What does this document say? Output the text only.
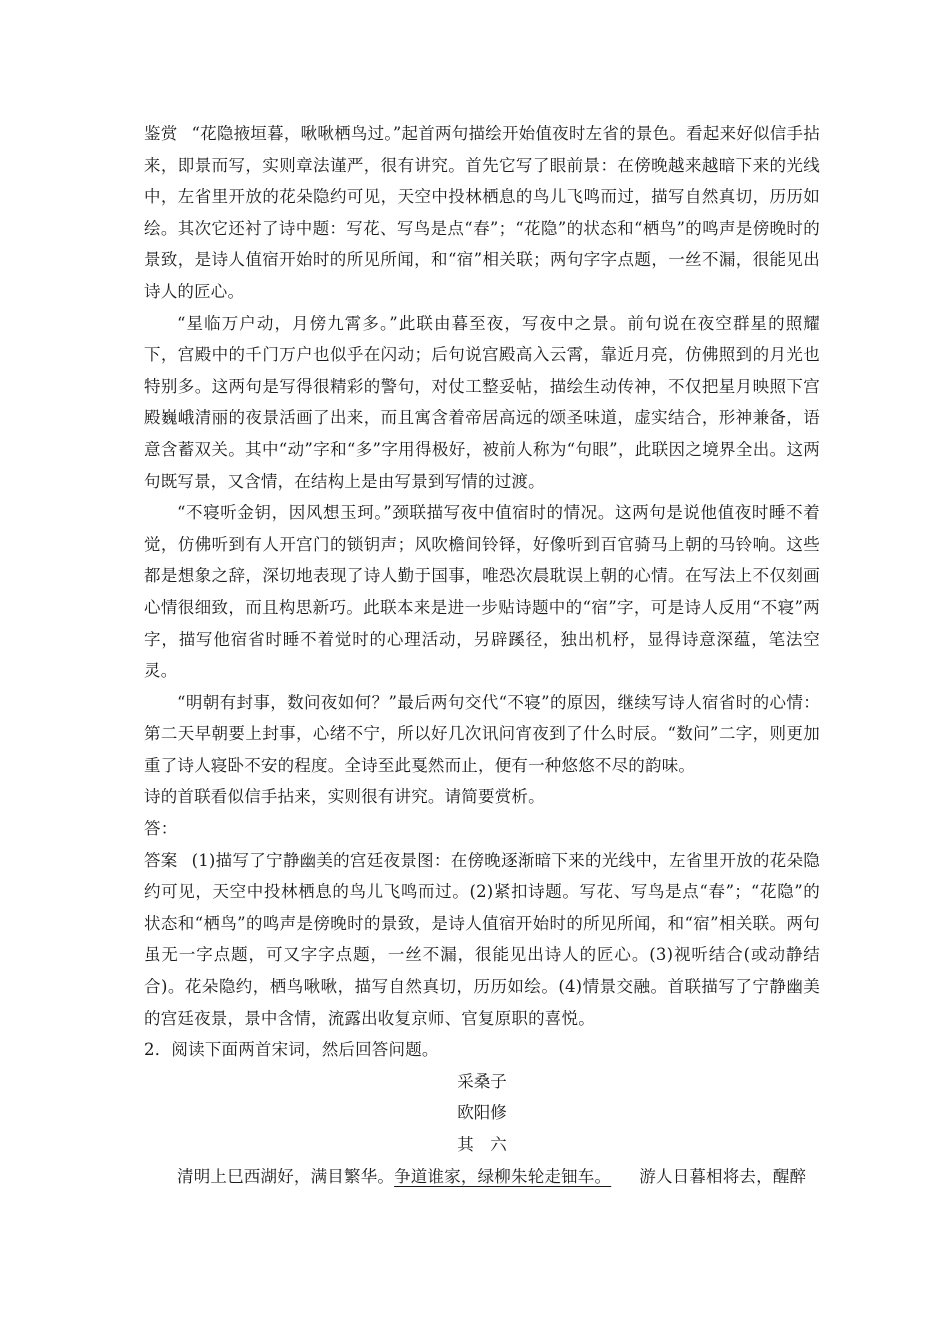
鉴赏 “花隐掖垣暮，啾啾栖鸟过。”起首两句描绘开始值夜时左省的景色。看起来好似信手拈来，即景而写，实则章法谨严，很有讲究。首先它写了眼前景：在傍晚越来越暗下来的光线中，左省里开放的花朵隐约可见，天空中投林栖息的鸟儿飞鸣而过，描写自然真切，历历如绘。其次它还衬了诗中题：写花、写鸟是点“春”；“花隐”的状态和“栖鸟”的鸣声是傍晚时的景致，是诗人值宿开始时的所见所闻，和“宿”相关联；两句字字点题，一丝不漏，很能见出诗人的匠心。

“星临万户动，月傍九霄多。”此联由暮至夜，写夜中之景。前句说在夜空群星的照耀下，宫殿中的千门万户也似乎在闪动；后句说宫殿高入云霄，靠近月亮，仿佛照到的月光也特别多。这两句是写得很精彩的警句，对仗工整妥帖，描绘生动传神，不仅把星月映照下宫殿巍峨清丽的夜景活画了出来，而且寓含着帝居高远的颂圣味道，虚实结合，形神兼备，语意含蓄双关。其中“动”字和“多”字用得极好，被前人称为“句眼”，此联因之境界全出。这两句既写景，又含情，在结构上是由写景到写情的过渡。

“不寝听金钥，因风想玉珂。”颈联描写夜中值宿时的情况。这两句是说他值夜时睡不着觉，仿佛听到有人开宫门的锁钥声；风吹檐间铃铎，好像听到百官骑马上朝的马铃响。这些都是想象之辞，深切地表现了诗人勤于国事，唯恐次晨耽误上朝的心情。在写法上不仅刻画心情很细致，而且构思新巧。此联本来是进一步贴诗题中的“宿”字，可是诗人反用“不寝”两字，描写他宿省时睡不着觉时的心理活动，另辟蹊径，独出机杼，显得诗意深蕴，笔法空灵。

“明朝有封事，数问夜如何？”最后两句交代“不寝”的原因，继续写诗人宿省时的心情：第二天早朝要上封事，心绪不宁，所以好几次讯问宵夜到了什么时辰。“数问”二字，则更加重了诗人寝卧不安的程度。全诗至此戛然而止，便有一种悠悠不尽的韵味。

诗的首联看似信手拈来，实则很有讲究。请简要赏析。

答：

答案 (1)描写了宁静幽美的宫廷夜景图：在傍晚逐渐暗下来的光线中，左省里开放的花朵隐约可见，天空中投林栖息的鸟儿飞鸣而过。(2)紧扣诗题。写花、写鸟是点“春”；“花隐”的状态和“栖鸟”的鸣声是傍晚时的景致，是诗人值宿开始时的所见所闻，和“宿”相关联。两句虽无一字点题，可又字字点题，一丝不漏，很能见出诗人的匠心。(3)视听结合(或动静结合)。花朵隐约，栖鸟啾啾，描写自然真切，历历如绘。(4)情景交融。首联描写了宁静幽美的宫廷夜景，景中含情，流露出收复京师、官复原职的喜悦。

2．阅读下面两首宋词，然后回答问题。

采桑子

欧阳修

其　六

清明上巳西湖好，满目繁华。争道谁家，绿柳朱轮走钿车。 游人日暮相将去，醒醉
